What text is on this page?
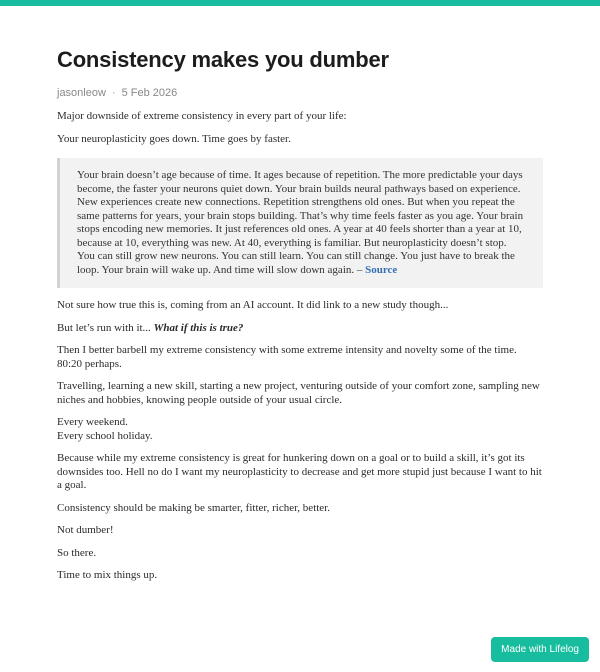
Consistency makes you dumber
jasonleow · 5 Feb 2026

Major downside of extreme consistency in every part of your life:

Your neuroplasticity goes down. Time goes by faster.

Your brain doesn’t age because of time. It ages because of repetition. The more predictable your days become, the faster your neurons quiet down. Your brain builds neural pathways based on experience. New experiences create new connections. Repetition strengthens old ones. But when you repeat the same patterns for years, your brain stops building. That’s why time feels faster as you age. Your brain stops encoding new memories. It just references old ones. A year at 40 feels shorter than a year at 10, because at 10, everything was new. At 40, everything is familiar. But neuroplasticity doesn’t stop. You can still grow new neurons. You can still learn. You can still change. You just have to break the loop. Your brain will wake up. And time will slow down again. – Source

Not sure how true this is, coming from an AI account. It did link to a new study though...

But let’s run with it... What if this is true?

Then I better barbell my extreme consistency with some extreme intensity and novelty some of the time. 80:20 perhaps.

Travelling, learning a new skill, starting a new project, venturing outside of your comfort zone, sampling new niches and hobbies, knowing people outside of your usual circle.

Every weekend.
Every school holiday.

Because while my extreme consistency is great for hunkering down on a goal or to build a skill, it’s got its downsides too. Hell no do I want my neuroplasticity to decrease and get more stupid just because I want to hit a goal.

Consistency should be making be smarter, fitter, richer, better.

Not dumber!

So there.

Time to mix things up.

Made with Lifelog
